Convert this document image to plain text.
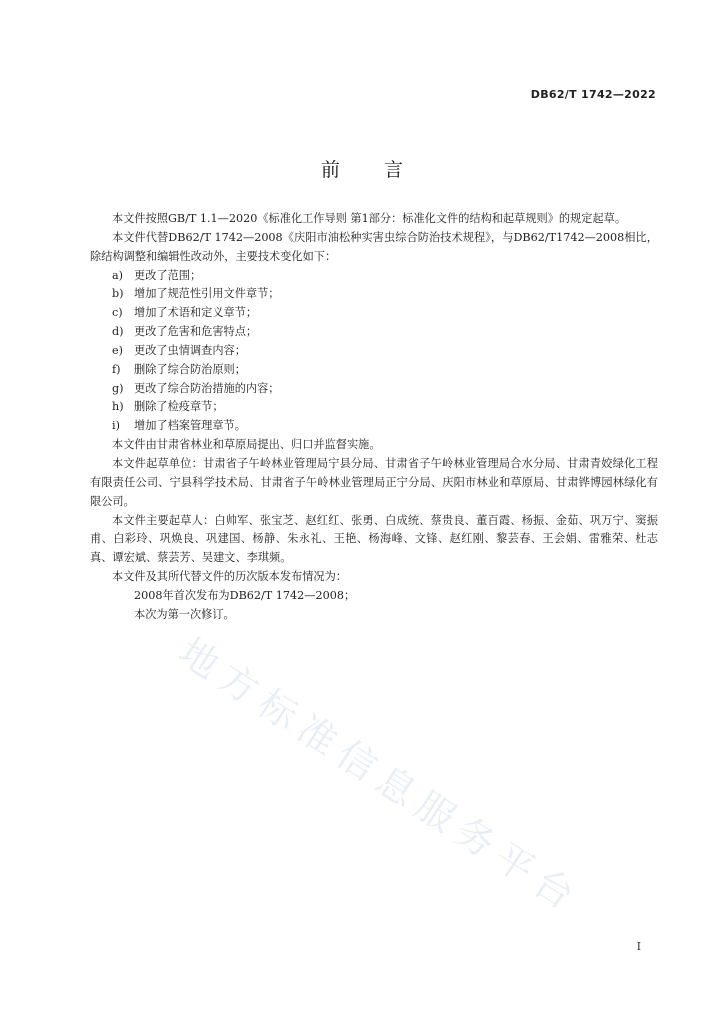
DB62/T 1742—2022
前言

本文件按照GB/T 1.1—2020《标准化工作导则 第1部分：标准化文件的结构和起草规则》的规定起草。

本文件代替DB62/T 1742—2008《庆阳市油松种实害虫综合防治技术规程》，与DB62/T1742—2008相比，除结构调整和编辑性改动外，主要技术变化如下：

a) 更改了范围；

b) 增加了规范性引用文件章节；

c) 增加了术语和定义章节；

d) 更改了危害和危害特点；

e) 更改了虫情调查内容；

f) 删除了综合防治原则；

g) 更改了综合防治措施的内容；

h) 删除了检疫章节；

i) 增加了档案管理章节。

本文件由甘肃省林业和草原局提出、归口并监督实施。

本文件起草单位：甘肃省子午岭林业管理局宁县分局、甘肃省子午岭林业管理局合水分局、甘肃青姣绿化工程有限责任公司、宁县科学技术局、甘肃省子午岭林业管理局正宁分局、庆阳市林业和草原局、甘肃铧博园林绿化有限公司。

本文件主要起草人：白帅军、张宝芝、赵红红、张勇、白成统、蔡贵良、董百霞、杨振、金茹、巩万宁、窦振甫、白彩玲、巩焕良、巩建国、杨静、朱永礼、王艳、杨海峰、文锋、赵红刚、黎芸春、王会娟、雷雅荣、杜志真、谭宏斌、蔡芸芳、吴建文、李琪频。

本文件及其所代替文件的历次版本发布情况为：

2008年首次发布为DB62/T 1742—2008；

本次为第一次修订。

地方标准信息服务平台
I
